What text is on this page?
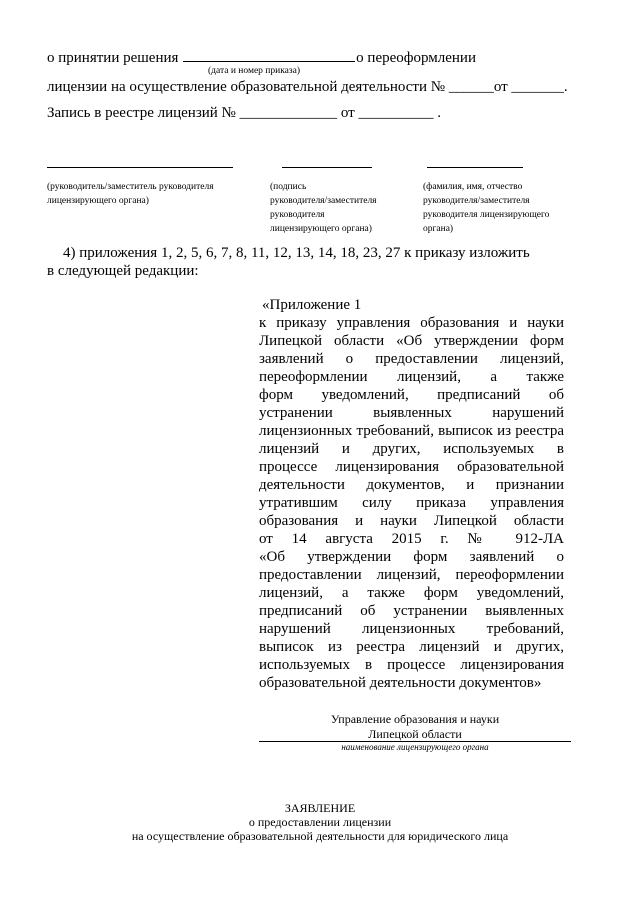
о принятии решения	о переоформлении
(дата и номер приказа)
лицензии на осуществление образовательной деятельности № ______от _______.
Запись в реестре лицензий № _____________ от __________ .
(руководитель/заместитель руководителя
лицензирующего органа)
(подпись
руководителя/заместителя
руководителя
лицензирующего органа)
(фамилия, имя, отчество
руководителя/заместителя
руководителя лицензирующего
органа)
4) приложения 1, 2, 5, 6, 7, 8, 11, 12, 13, 14, 18, 23, 27 к приказу изложить
в следующей редакции:
«Приложение 1
к приказу управления образования и науки
Липецкой области «Об утверждении форм
заявлений о предоставлении лицензий,
переоформлении лицензий, а также
форм уведомлений, предписаний об
устранении выявленных нарушений
лицензионных требований, выписок из реестра
лицензий и других, используемых в
процессе лицензирования образовательной
деятельности документов, и признании
утратившим силу приказа управления
образования и науки Липецкой области
от 14 августа 2015 г. № 912-ЛА
«Об утверждении форм заявлений о
предоставлении лицензий, переоформлении
лицензий, а также форм уведомлений,
предписаний об устранении выявленных
нарушений лицензионных требований,
выписок из реестра лицензий и других,
используемых в процессе лицензирования
образовательной деятельности документов»
Управление образования и науки
Липецкой области
наименование лицензирующего органа
ЗАЯВЛЕНИЕ
о предоставлении лицензии
на осуществление образовательной деятельности для юридического лица
